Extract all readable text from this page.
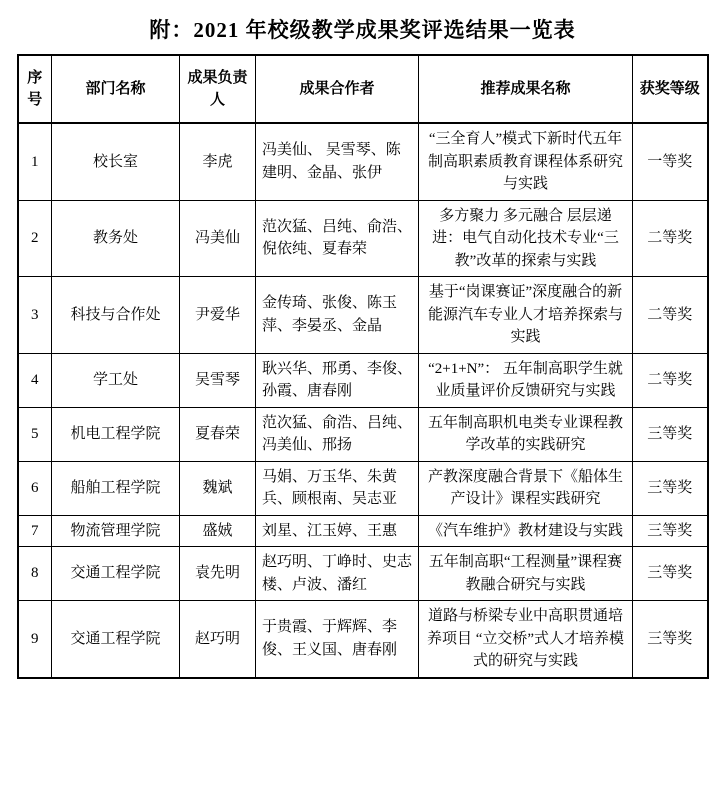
附：2021 年校级教学成果奖评选结果一览表
序号	部门名称	成果负责人	成果合作者	推荐成果名称	获奖等级
1	校长室	李虎	冯美仙、 吴雪琴、陈建明、金晶、张伊	“三全育人”模式下新时代五年制高职素质教育课程体系研究与实践	一等奖
2	教务处	冯美仙	范次猛、吕纯、俞浩、倪依纯、夏春荣	多方聚力 多元融合 层层递进：电气自动化技术专业“三教”改革的探索与实践	二等奖
3	科技与合作处	尹爱华	金传琦、张俊、陈玉萍、李晏丞、金晶	基于“岗课赛证”深度融合的新能源汽车专业人才培养探索与实践	二等奖
4	学工处	吴雪琴	耿兴华、邢勇、李俊、孙霞、唐春刚	“2+1+N”： 五年制高职学生就业质量评价反馈研究与实践	二等奖
5	机电工程学院	夏春荣	范次猛、俞浩、吕纯、冯美仙、邢扬	五年制高职机电类专业课程教学改革的实践研究	三等奖
6	船舶工程学院	魏斌	马娟、万玉华、朱黄兵、顾根南、吴志亚	产教深度融合背景下《船体生产设计》课程实践研究	三等奖
7	物流管理学院	盛娀	刘星、江玉婷、王惠	《汽车维护》教材建设与实践	三等奖
8	交通工程学院	袁先明	赵巧明、丁峥时、史志楼、卢波、潘红	五年制高职“工程测量”课程赛教融合研究与实践	三等奖
9	交通工程学院	赵巧明	于贵霞、于辉辉、李俊、王义国、唐春刚	道路与桥梁专业中高职贯通培养项目 “立交桥”式人才培养模式的研究与实践	三等奖
